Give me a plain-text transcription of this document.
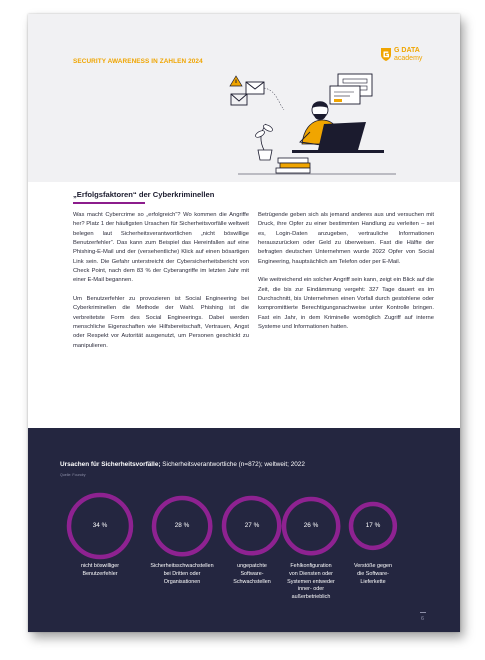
SECURITY AWARENESS IN ZAHLEN 2024
G DATA
academy
„Erfolgsfaktoren“ der Cyberkriminellen

Was macht Cybercrime so „erfolgreich“? Wo kommen die Angriffe her? Platz 1 der häufigsten Ursachen für Sicherheitsvorfälle weltweit belegen laut Sicherheitsverantwortlichen „nicht böswillige Benutzerfehler“. Das kann zum Beispiel das Hereinfallen auf eine Phishing-E-Mail und der (versehentliche) Klick auf einen bösartigen Link sein. Die Gefahr unterstreicht der Cybersicherheitsbericht von Check Point, nach dem 83 % der Cyberangriffe im letzten Jahr mit einer E-Mail begannen.

Um Benutzerfehler zu provozieren ist Social Engineering bei Cyberkriminellen die Methode der Wahl. Phishing ist die verbreitetste Form des Social Engineerings. Dabei werden menschliche Eigenschaften wie Hilfsbereitschaft, Vertrauen, Angst oder Respekt vor Autorität ausgenutzt, um Personen geschickt zu manipulieren.

Betrügende geben sich als jemand anderes aus und versuchen mit Druck, ihre Opfer zu einer bestimmten Handlung zu verleiten – sei es, Login-Daten anzugeben, vertrauliche Informationen herauszurücken oder Geld zu überweisen. Fast die Hälfte der befragten deutschen Unternehmen wurde 2022 Opfer von Social Engineering, hauptsächlich am Telefon oder per E-Mail.

Wie weitreichend ein solcher Angriff sein kann, zeigt ein Blick auf die Zeit, die bis zur Eindämmung vergeht: 327 Tage dauert es im Durchschnitt, bis Unternehmen einen Vorfall durch gestohlene oder kompromittierte Berechtigungsnachweise unter Kontrolle bringen. Fast ein Jahr, in dem Kriminelle womöglich Zugriff auf interne Systeme und Informationen hatten.

Ursachen für Sicherheitsvorfälle; Sicherheitsverantwortliche (n=872); weltweit; 2022
Quelle: Foundry
34 %
nicht böswilliger
Benutzerfehler
28 %
Sicherheitsschwachstellen
bei Dritten oder
Organisationen
27 %
ungepatchte
Software-
Schwachstellen
26 %
Fehlkonfiguration
von Diensten oder
Systemen entweder
inner- oder
außerbetrieblich
17 %
Verstöße gegen
die Software-
Lieferkette
6
